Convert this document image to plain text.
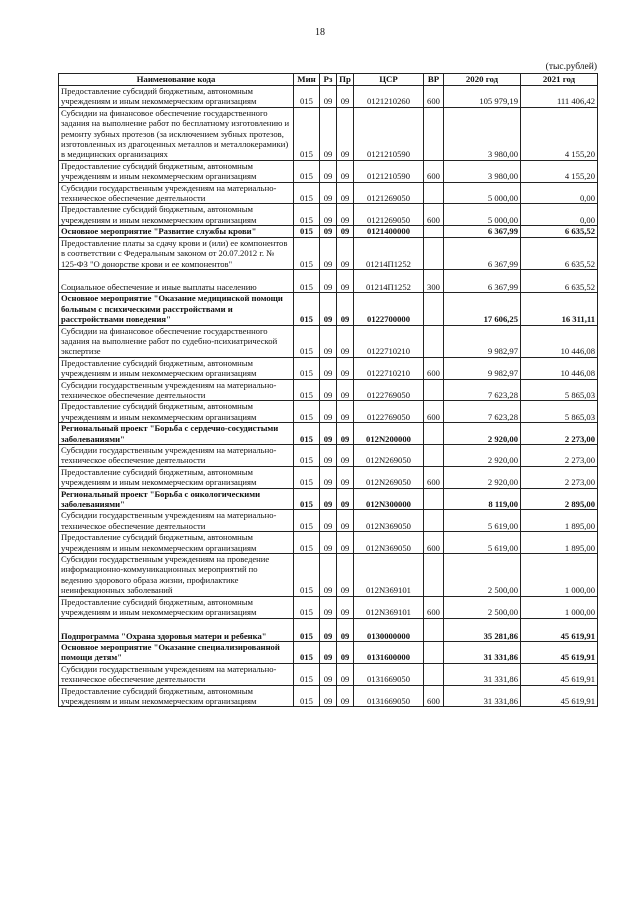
18
(тыс.рублей)
Наименование кода	Мин	Рз	Пр	ЦСР	ВР	2020 год	2021 год
Предоставление субсидий бюджетным, автономным учреждениям и иным некоммерческим организациям	015	09	09	0121210260	600	105 979,19	111 406,42
Субсидии на финансовое обеспечение государственного задания на выполнение работ по бесплатному изготовлению и ремонту зубных протезов (за исключением зубных протезов, изготовленных из драгоценных металлов и металлокерамики) в медицинских организациях	015	09	09	0121210590		3 980,00	4 155,20
Предоставление субсидий бюджетным, автономным учреждениям и иным некоммерческим организациям	015	09	09	0121210590	600	3 980,00	4 155,20
Субсидии государственным учреждениям на материально-техническое обеспечение деятельности	015	09	09	0121269050		5 000,00	0,00
Предоставление субсидий бюджетным, автономным учреждениям и иным некоммерческим организациям	015	09	09	0121269050	600	5 000,00	0,00
Основное мероприятие "Развитие службы крови"	015	09	09	0121400000		6 367,99	6 635,52
Предоставление платы за сдачу крови и (или) ее компонентов в соответствии с Федеральным законом от 20.07.2012 г. № 125-ФЗ "О донорстве крови и ее компонентов"	015	09	09	01214П1252		6 367,99	6 635,52
Социальное обеспечение и иные выплаты населению	015	09	09	01214П1252	300	6 367,99	6 635,52
Основное мероприятие "Оказание медицинской помощи больным с психическими расстройствами и расстройствами поведения"	015	09	09	0122700000		17 606,25	16 311,11
Субсидии на финансовое обеспечение государственного задания на выполнение работ по судебно-психиатрической экспертизе	015	09	09	0122710210		9 982,97	10 446,08
Предоставление субсидий бюджетным, автономным учреждениям и иным некоммерческим организациям	015	09	09	0122710210	600	9 982,97	10 446,08
Субсидии государственным учреждениям на материально-техническое обеспечение деятельности	015	09	09	0122769050		7 623,28	5 865,03
Предоставление субсидий бюджетным, автономным учреждениям и иным некоммерческим организациям	015	09	09	0122769050	600	7 623,28	5 865,03
Региональный проект "Борьба с сердечно-сосудистыми заболеваниями"	015	09	09	012N200000		2 920,00	2 273,00
Субсидии государственным учреждениям на материально-техническое обеспечение деятельности	015	09	09	012N269050		2 920,00	2 273,00
Предоставление субсидий бюджетным, автономным учреждениям и иным некоммерческим организациям	015	09	09	012N269050	600	2 920,00	2 273,00
Региональный проект "Борьба с онкологическими заболеваниями"	015	09	09	012N300000		8 119,00	2 895,00
Субсидии государственным учреждениям на материально-техническое обеспечение деятельности	015	09	09	012N369050		5 619,00	1 895,00
Предоставление субсидий бюджетным, автономным учреждениям и иным некоммерческим организациям	015	09	09	012N369050	600	5 619,00	1 895,00
Субсидии государственным учреждениям на проведение информационно-коммуникационных мероприятий по ведению здорового образа жизни, профилактике неинфекционных заболеваний	015	09	09	012N369101		2 500,00	1 000,00
Предоставление субсидий бюджетным, автономным учреждениям и иным некоммерческим организациям	015	09	09	012N369101	600	2 500,00	1 000,00
Подпрограмма "Охрана здоровья матери и ребенка"	015	09	09	0130000000		35 281,86	45 619,91
Основное мероприятие "Оказание специализированной помощи детям"	015	09	09	0131600000		31 331,86	45 619,91
Субсидии государственным учреждениям на материально-техническое обеспечение деятельности	015	09	09	0131669050		31 331,86	45 619,91
Предоставление субсидий бюджетным, автономным учреждениям и иным некоммерческим организациям	015	09	09	0131669050	600	31 331,86	45 619,91
